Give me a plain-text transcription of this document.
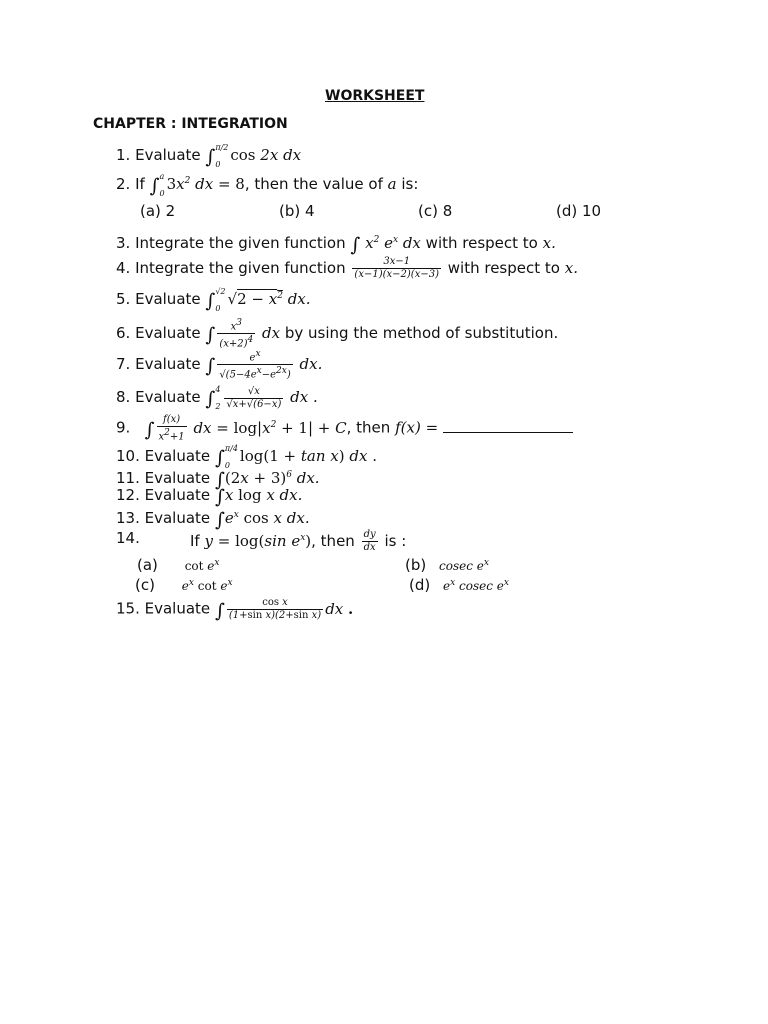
WORKSHEET
CHAPTER : INTEGRATION
1. Evaluate ∫ π/2
0
cos 2x dx
2. If ∫ a
0
$3x^2$ dx = 8, then the value of a is:
(a) 2	(b) 4	(c) 8	(d) 10
3. Integrate the given function ∫ $x^2$ $e^x$ dx with respect to x.
4. Integrate the given function $\frac{3x-1}{(x-1)(x-2)(x-3)}$ with respect to x.
5. Evaluate ∫ √2
0
$√2 - x^2$ dx.
6. Evaluate ∫ $\frac{x^3}{(x+2)^4}$ dx by using the method of substitution.
7. Evaluate ∫ $\frac{e^x}{√(5-4e^x-e^{2x})}$ dx.
8. Evaluate ∫ 4
$2 \frac{√x}{√x+√(6-x)}$ dx .
9. ∫ $\frac{f(x)}{x^2+1}$ dx = $\log|x^2 + 1| + C$, then f(x) =
10. Evaluate ∫ π/4
0
log(1 + tan x) dx .
11. Evaluate $\int(2x + 3)^6$ dx.
12. Evaluate ∫x log x dx.
13. Evaluate $\int e^x$ cos x dx.
14.	If y = log(sin $e^x$), then $\frac{dy}{dx}$ is :
(a) $\cot e^x$	(b) cosec $e^x$
(c) $e^x$ $\cot e^x$	(d) $e^x$ cosec $e^x$
15. Evaluate ∫ $\frac{\text{cos x}}{\text{(1+sin x)(2+sin x)}}$ dx .
